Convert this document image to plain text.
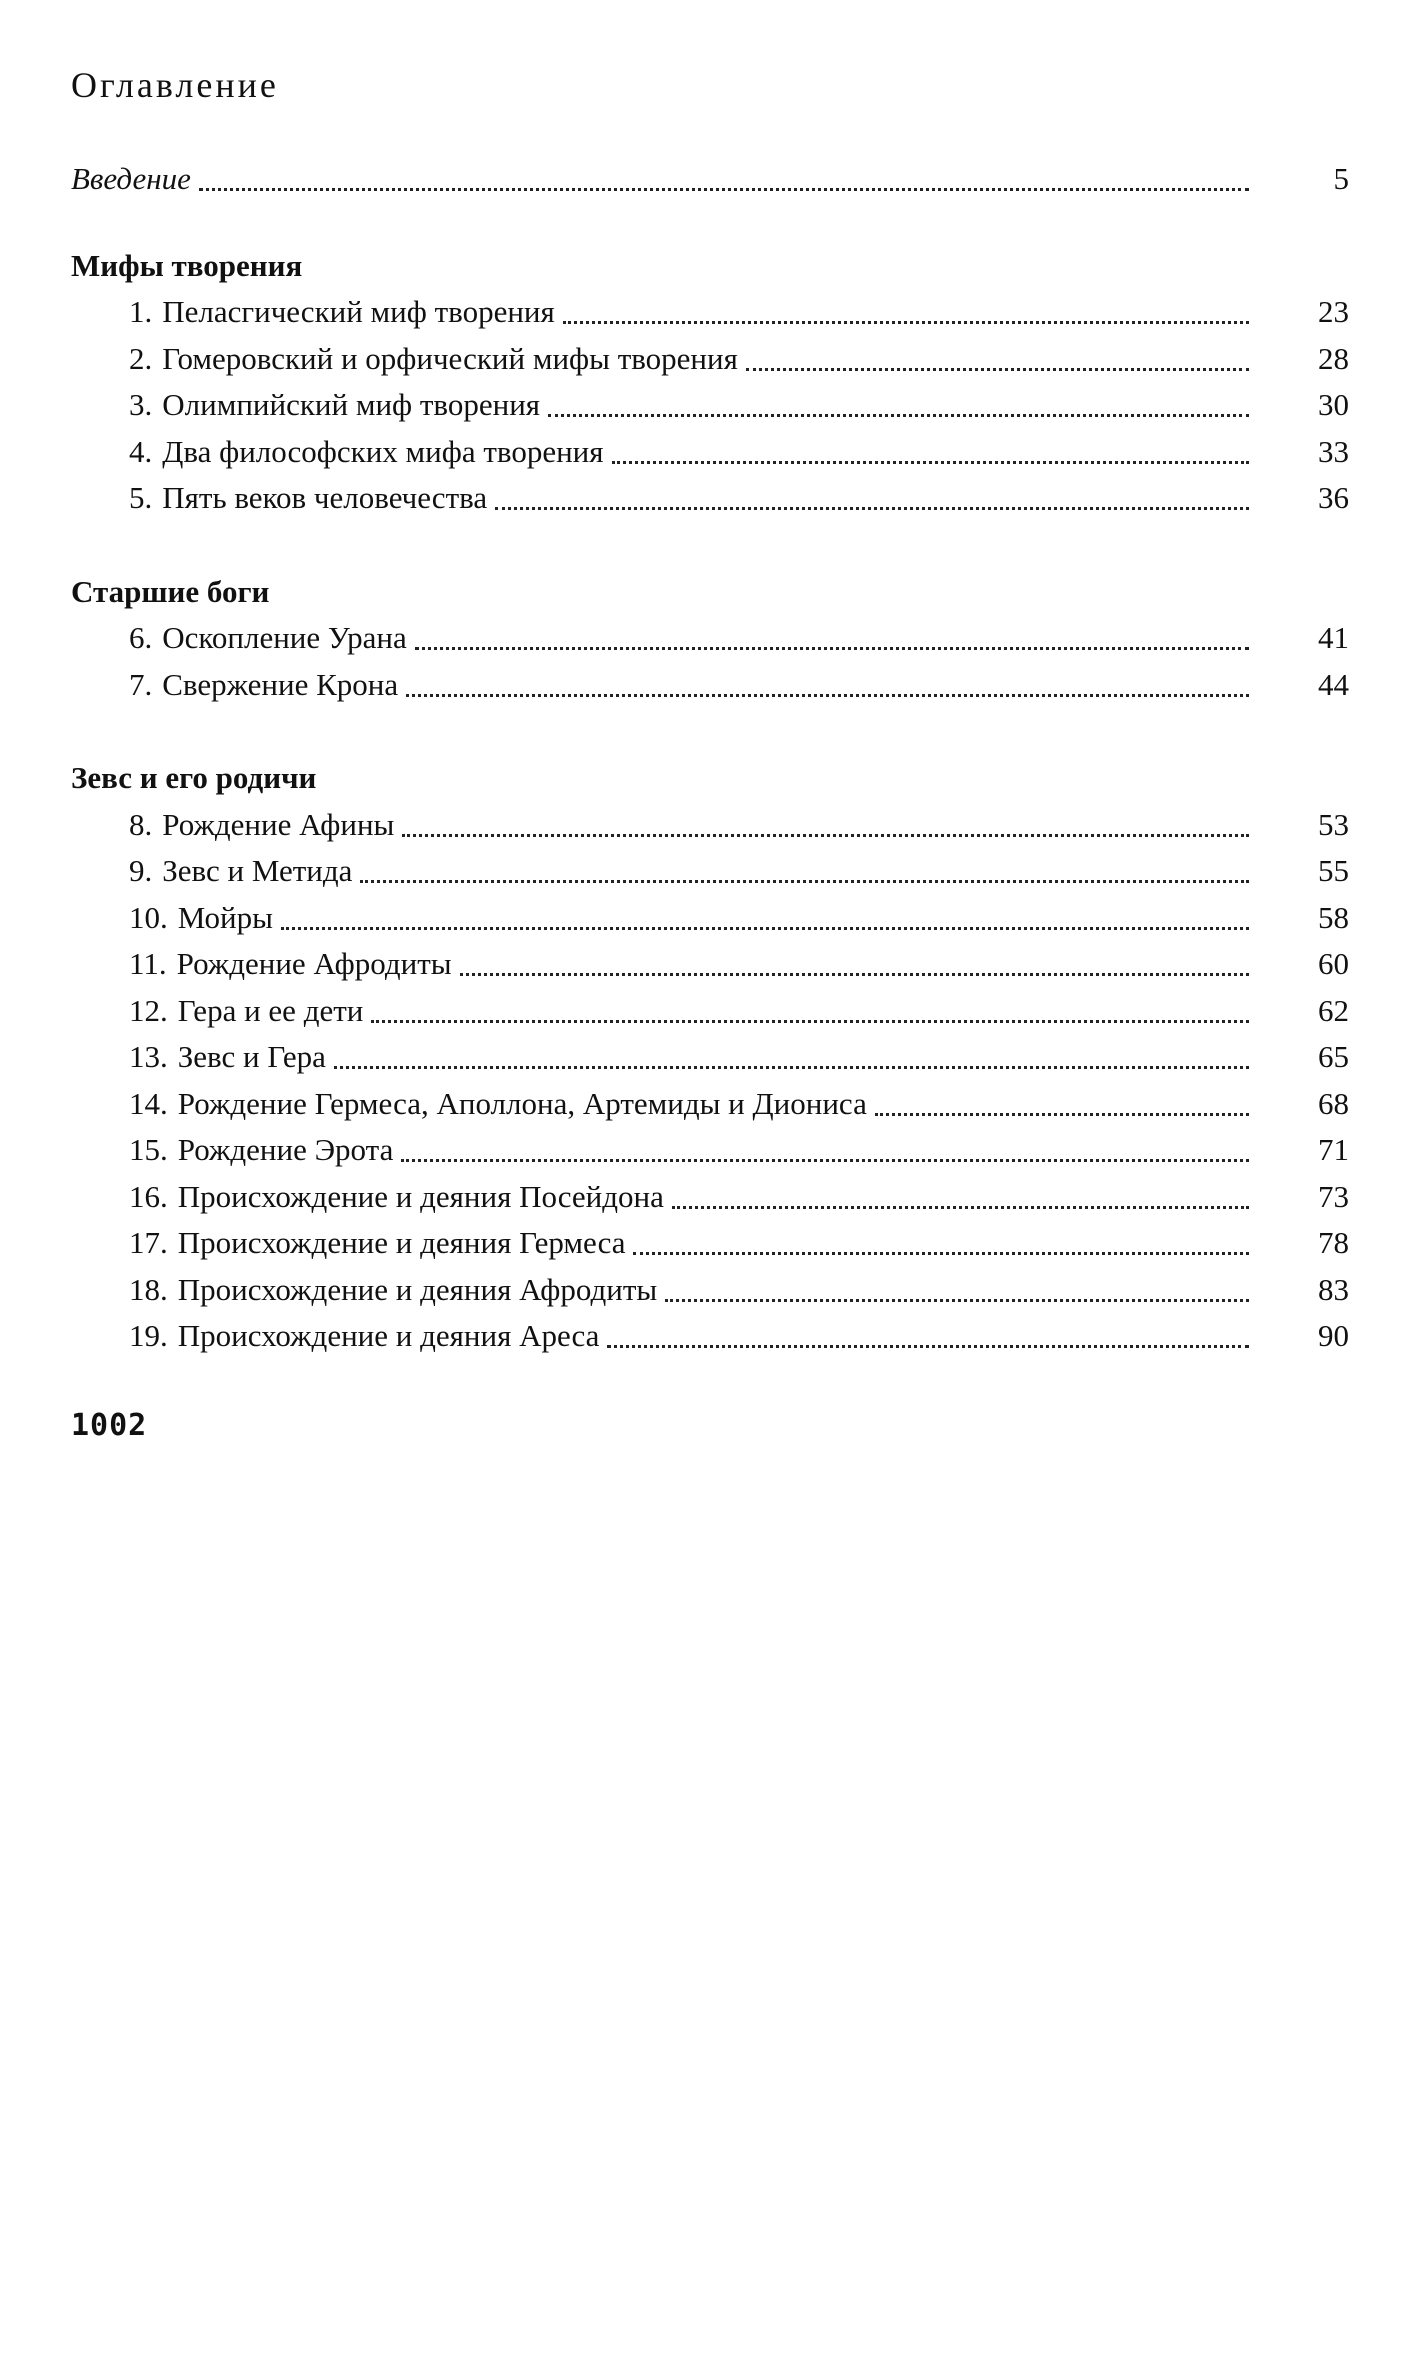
Оглавление
Введение	5
Мифы творения
1. Пеласгический миф творения	23
2. Гомеровский и орфический мифы творения	28
3. Олимпийский миф творения	30
4. Два философских мифа творения	33
5. Пять веков человечества	36
Старшие боги
6. Оскопление Урана	41
7. Свержение Крона	44
Зевс и его родичи
8. Рождение Афины	53
9. Зевс и Метида	55
10. Мойры	58
11. Рождение Афродиты	60
12. Гера и ее дети	62
13. Зевс и Гера	65
14. Рождение Гермеса, Аполлона, Артемиды и Диониса	68
15. Рождение Эрота	71
16. Происхождение и деяния Посейдона	73
17. Происхождение и деяния Гермеса	78
18. Происхождение и деяния Афродиты	83
19. Происхождение и деяния Ареса	90
1002
